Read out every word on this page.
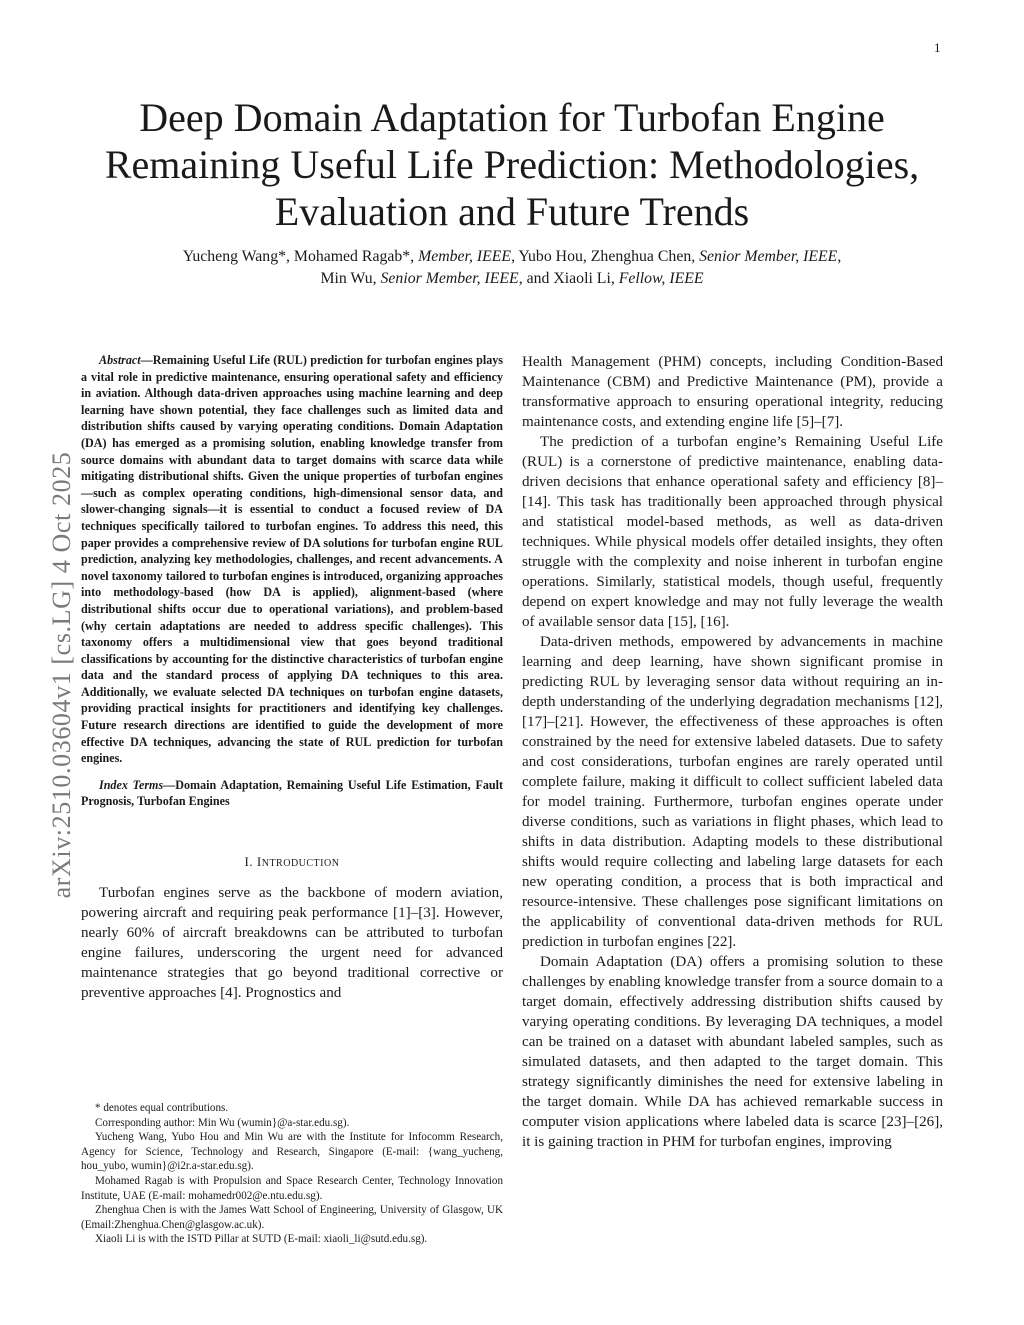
1
arXiv:2510.03604v1 [cs.LG] 4 Oct 2025
Deep Domain Adaptation for Turbofan Engine
Remaining Useful Life Prediction: Methodologies,
Evaluation and Future Trends
Yucheng Wang*, Mohamed Ragab*, Member, IEEE, Yubo Hou, Zhenghua Chen, Senior Member, IEEE,
Min Wu, Senior Member, IEEE, and Xiaoli Li, Fellow, IEEE

Abstract—Remaining Useful Life (RUL) prediction for turbofan engines plays a vital role in predictive maintenance, ensuring operational safety and efficiency in aviation. Although data-driven approaches using machine learning and deep learning have shown potential, they face challenges such as limited data and distribution shifts caused by varying operating conditions. Domain Adaptation (DA) has emerged as a promising solution, enabling knowledge transfer from source domains with abundant data to target domains with scarce data while mitigating distributional shifts. Given the unique properties of turbofan engines—such as complex operating conditions, high-dimensional sensor data, and slower-changing signals—it is essential to conduct a focused review of DA techniques specifically tailored to turbofan engines. To address this need, this paper provides a comprehensive review of DA solutions for turbofan engine RUL prediction, analyzing key methodologies, challenges, and recent advancements. A novel taxonomy tailored to turbofan engines is introduced, organizing approaches into methodology-based (how DA is applied), alignment-based (where distributional shifts occur due to operational variations), and problem-based (why certain adaptations are needed to address specific challenges). This taxonomy offers a multidimensional view that goes beyond traditional classifications by accounting for the distinctive characteristics of turbofan engine data and the standard process of applying DA techniques to this area. Additionally, we evaluate selected DA techniques on turbofan engine datasets, providing practical insights for practitioners and identifying key challenges. Future research directions are identified to guide the development of more effective DA techniques, advancing the state of RUL prediction for turbofan engines.

Index Terms—Domain Adaptation, Remaining Useful Life Estimation, Fault Prognosis, Turbofan Engines

I. INTRODUCTION

Turbofan engines serve as the backbone of modern aviation, powering aircraft and requiring peak performance [1]–[3]. However, nearly 60% of aircraft breakdowns can be attributed to turbofan engine failures, underscoring the urgent need for advanced maintenance strategies that go beyond traditional corrective or preventive approaches [4]. Prognostics and

* denotes equal contributions.

Corresponding author: Min Wu (wumin}@a-star.edu.sg).

Yucheng Wang, Yubo Hou and Min Wu are with the Institute for Infocomm Research, Agency for Science, Technology and Research, Singapore (E-mail: {wang_yucheng, hou_yubo, wumin}@i2r.a-star.edu.sg).

Mohamed Ragab is with Propulsion and Space Research Center, Technology Innovation Institute, UAE (E-mail: mohamedr002@e.ntu.edu.sg).

Zhenghua Chen is with the James Watt School of Engineering, University of Glasgow, UK (Email:Zhenghua.Chen@glasgow.ac.uk).

Xiaoli Li is with the ISTD Pillar at SUTD (E-mail: xiaoli_li@sutd.edu.sg).

Health Management (PHM) concepts, including Condition-Based Maintenance (CBM) and Predictive Maintenance (PM), provide a transformative approach to ensuring operational integrity, reducing maintenance costs, and extending engine life [5]–[7].

The prediction of a turbofan engine’s Remaining Useful Life (RUL) is a cornerstone of predictive maintenance, enabling data-driven decisions that enhance operational safety and efficiency [8]–[14]. This task has traditionally been approached through physical and statistical model-based methods, as well as data-driven techniques. While physical models offer detailed insights, they often struggle with the complexity and noise inherent in turbofan engine operations. Similarly, statistical models, though useful, frequently depend on expert knowledge and may not fully leverage the wealth of available sensor data [15], [16].

Data-driven methods, empowered by advancements in machine learning and deep learning, have shown significant promise in predicting RUL by leveraging sensor data without requiring an in-depth understanding of the underlying degradation mechanisms [12], [17]–[21]. However, the effectiveness of these approaches is often constrained by the need for extensive labeled datasets. Due to safety and cost considerations, turbofan engines are rarely operated until complete failure, making it difficult to collect sufficient labeled data for model training. Furthermore, turbofan engines operate under diverse conditions, such as variations in flight phases, which lead to shifts in data distribution. Adapting models to these distributional shifts would require collecting and labeling large datasets for each new operating condition, a process that is both impractical and resource-intensive. These challenges pose significant limitations on the applicability of conventional data-driven methods for RUL prediction in turbofan engines [22].

Domain Adaptation (DA) offers a promising solution to these challenges by enabling knowledge transfer from a source domain to a target domain, effectively addressing distribution shifts caused by varying operating conditions. By leveraging DA techniques, a model can be trained on a dataset with abundant labeled samples, such as simulated datasets, and then adapted to the target domain. This strategy significantly diminishes the need for extensive labeling in the target domain. While DA has achieved remarkable success in computer vision applications where labeled data is scarce [23]–[26], it is gaining traction in PHM for turbofan engines, improving
